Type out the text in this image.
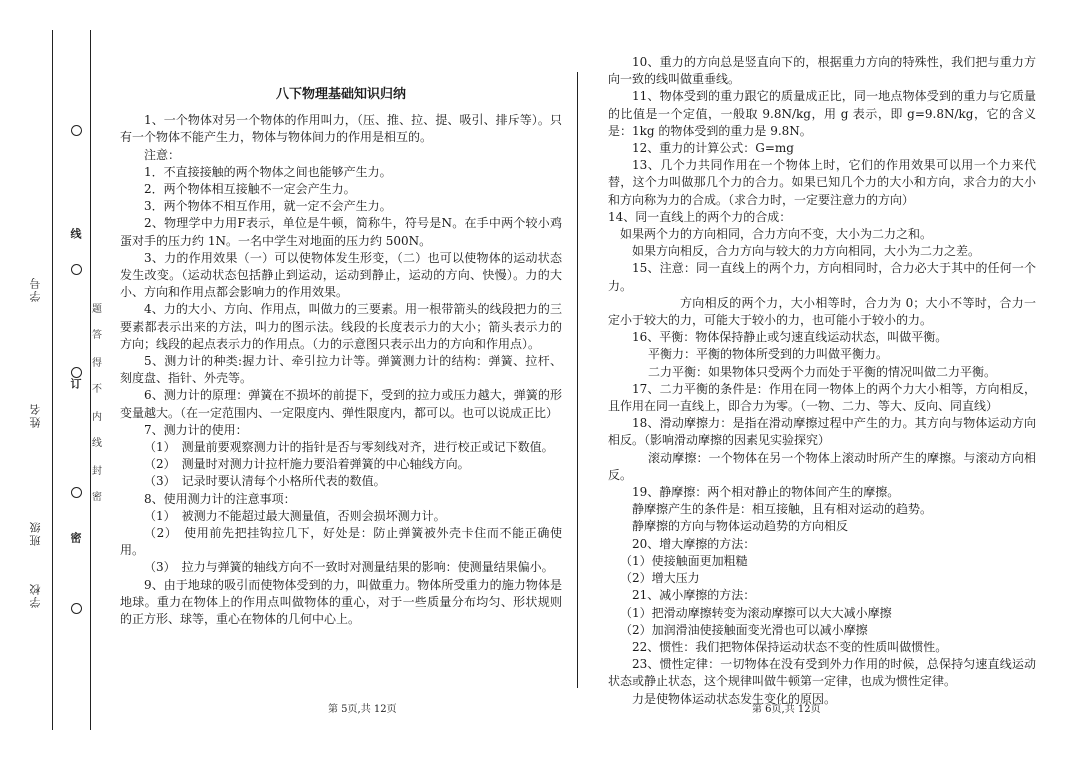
学号
姓名
班级
学校
线
订
密
题
答
得
不
内
线
封
密

八下物理基础知识归纳

1、一个物体对另一个物体的作用叫力，（压、推、拉、提、吸引、排斥等）。只有一个物体不能产生力，物体与物体间力的作用是相互的。

注意：

1．不直接接触的两个物体之间也能够产生力。

2．两个物体相互接触不一定会产生力。

3．两个物体不相互作用，就一定不会产生力。

2、物理学中力用F表示，单位是牛顿，简称牛，符号是N。在手中两个较小鸡蛋对手的压力约 1N。一名中学生对地面的压力约 500N。

3、力的作用效果（一）可以使物体发生形变，（二）也可以使物体的运动状态发生改变。（运动状态包括静止到运动，运动到静止，运动的方向、快慢）。力的大小、方向和作用点都会影响力的作用效果。

4、力的大小、方向、作用点，叫做力的三要素。用一根带箭头的线段把力的三要素都表示出来的方法，叫力的图示法。线段的长度表示力的大小；箭头表示力的方向；线段的起点表示力的作用点。（力的示意图只表示出力的方向和作用点）。

5、测力计的种类:握力计、牵引拉力计等。弹簧测力计的结构：弹簧、拉杆、刻度盘、指针、外壳等。

6、测力计的原理：弹簧在不损坏的前提下，受到的拉力或压力越大，弹簧的形变量越大。（在一定范围内、一定限度内、弹性限度内，都可以。也可以说成正比）

7、测力计的使用：

（1）　测量前要观察测力计的指针是否与零刻线对齐，进行校正或记下数值。

（2）　测量时对测力计拉杆施力要沿着弹簧的中心轴线方向。

（3）　记录时要认清每个小格所代表的数值。

8、使用测力计的注意事项：

（1）　被测力不能超过最大测量值，否则会损坏测力计。

（2）　使用前先把挂钩拉几下，好处是：防止弹簧被外壳卡住而不能正确使用。

（3）　拉力与弹簧的轴线方向不一致时对测量结果的影响：使测量结果偏小。

9、由于地球的吸引而使物体受到的力，叫做重力。物体所受重力的施力物体是地球。重力在物体上的作用点叫做物体的重心，对于一些质量分布均匀、形状规则的正方形、球等，重心在物体的几何中心上。

10、重力的方向总是竖直向下的，根据重力方向的特殊性，我们把与重力方向一致的线叫做重垂线。

11、物体受到的重力跟它的质量成正比，同一地点物体受到的重力与它质量的比值是一个定值，一般取 9.8N/kg，用 g 表示，即 g=9.8N/kg，它的含义是：1kg 的物体受到的重力是 9.8N。

12、重力的计算公式：G=mg

13、几个力共同作用在一个物体上时，它们的作用效果可以用一个力来代替，这个力叫做那几个力的合力。如果已知几个力的大小和方向，求合力的大小和方向称为力的合成。（求合力时，一定要注意力的方向）

14、同一直线上的两个力的合成：

如果两个力的方向相同，合力方向不变，大小为二力之和。

如果方向相反，合力方向与较大的力方向相同，大小为二力之差。

15、注意：同一直线上的两个力，方向相同时，合力必大于其中的任何一个力。

方向相反的两个力，大小相等时，合力为 0；大小不等时，合力一定小于较大的力，可能大于较小的力，也可能小于较小的力。

16、平衡：物体保持静止或匀速直线运动状态，叫做平衡。

平衡力：平衡的物体所受到的力叫做平衡力。

二力平衡：如果物体只受两个力而处于平衡的情况叫做二力平衡。

17、二力平衡的条件是：作用在同一物体上的两个力大小相等，方向相反，且作用在同一直线上，即合力为零。（一物、二力、等大、反向、同直线）

18、滑动摩擦力：是指在滑动摩擦过程中产生的力。其方向与物体运动方向相反。（影响滑动摩擦的因素见实验探究）

滚动摩擦：一个物体在另一个物体上滚动时所产生的摩擦。与滚动方向相反。

19、静摩擦：两个相对静止的物体间产生的摩擦。

静摩擦产生的条件是：相互接触，且有相对运动的趋势。

静摩擦的方向与物体运动趋势的方向相反

20、增大摩擦的方法：

（1）使接触面更加粗糙

（2）增大压力

21、减小摩擦的方法：

（1）把滑动摩擦转变为滚动摩擦可以大大减小摩擦

（2）加润滑油使接触面变光滑也可以减小摩擦

22、惯性：我们把物体保持运动状态不变的性质叫做惯性。

23、惯性定律：一切物体在没有受到外力作用的时候，总保持匀速直线运动状态或静止状态，这个规律叫做牛顿第一定律，也成为惯性定律。

力是使物体运动状态发生变化的原因。

第 5页,共 12页	第 6页,共 12页
